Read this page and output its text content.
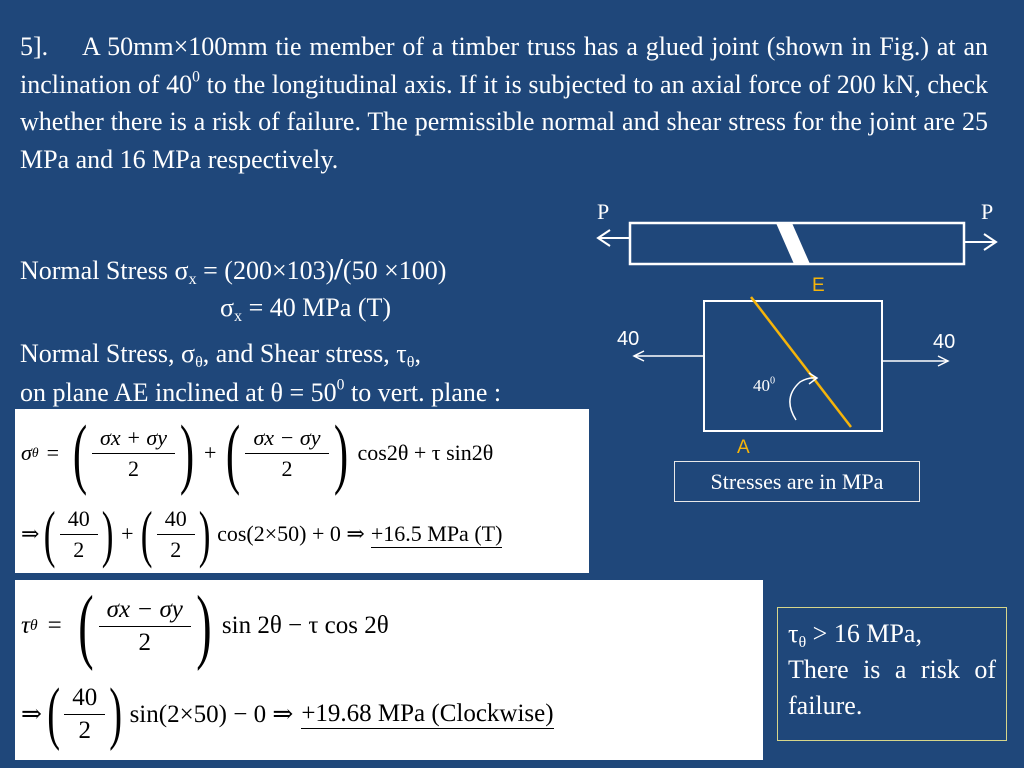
5]. A 50mm×100mm tie member of a timber truss has a glued joint (shown in Fig.) at an inclination of $40^0$ to the longitudinal axis. If it is subjected to an axial force of 200 kN, check whether there is a risk of failure. The permissible normal and shear stress for the joint are 25 MPa and 16 MPa respectively.
Normal Stress $\sigma_x = (200\times 103)/(50 \times 100)$
$\sigma_x = 40$ MPa (T)
Normal Stress, $\sigma_\theta$, and Shear stress, $\tau_\theta$,
on plane AE inclined at $\theta = 50^0$ to vert. plane :
P	P
E
40	40
$40^0$
A
Stresses are in MPa
σ θ = ( $\frac{\sigma x + \sigma y}{2}$ ) + ( $\frac{\sigma x - \sigma y}{2}$ ) cos2θ + τ sin2θ
⇒ ( $\frac{40}{2}$ ) + ( $\frac{40}{2}$ ) cos(2×50) + 0 ⇒ +16.5 MPa (T)
τ θ = ( $\frac{\sigma x - \sigma y}{2}$ ) sin 2θ − τ cos 2θ
⇒ ( $\frac{40}{2}$ ) sin(2×50) − 0 ⇒ +19.68 MPa (Clockwise)
$\tau_\theta > 16$ MPa,
There is a risk of failure.
